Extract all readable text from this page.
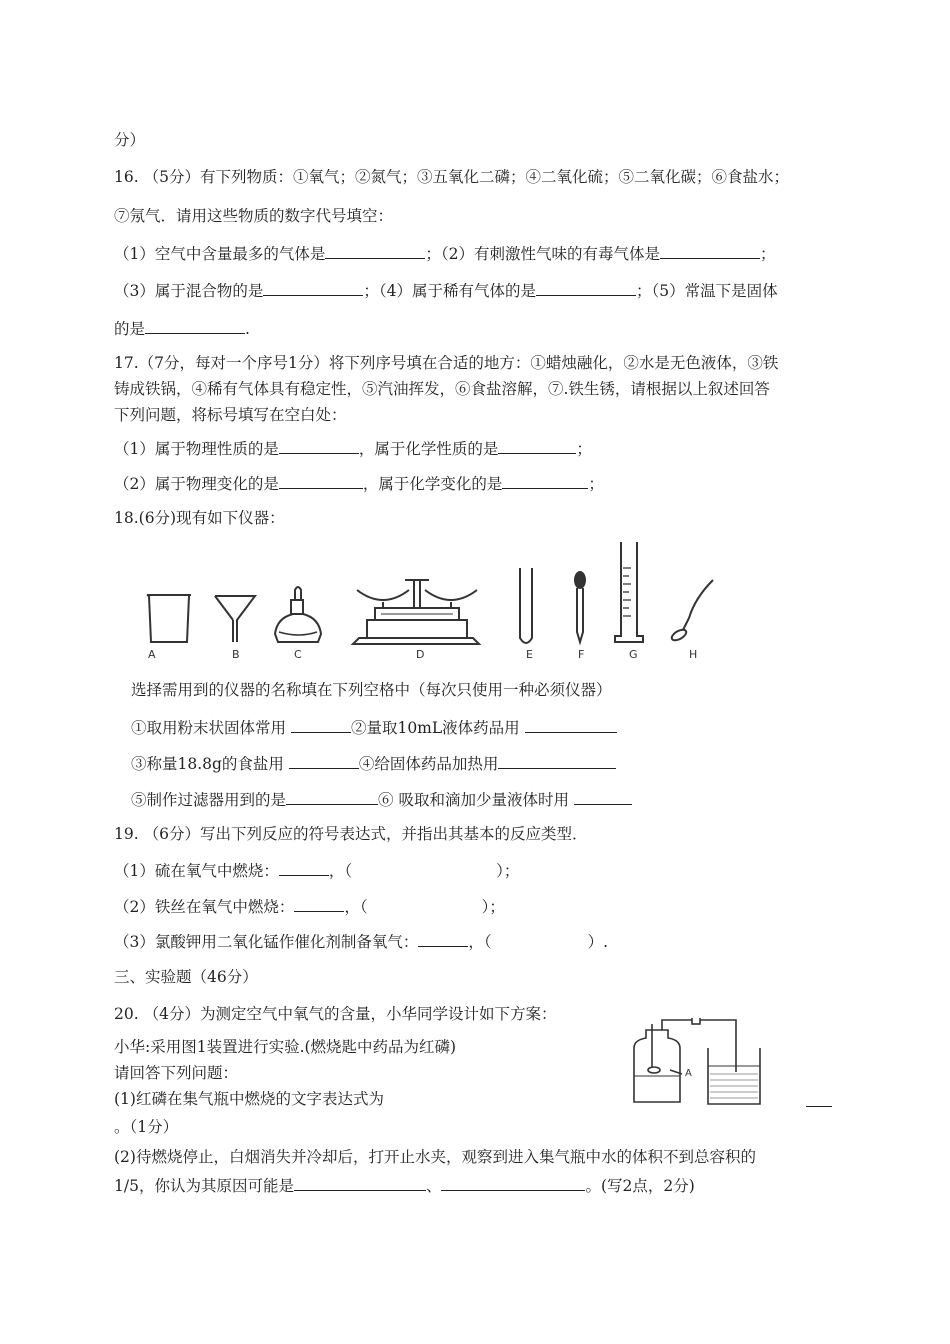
分）
16. （5分）有下列物质：①氧气；②氮气；③五氧化二磷；④二氧化硫；⑤二氧化碳；⑥食盐水；
⑦氖气．请用这些物质的数字代号填空：
（1）空气中含量最多的气体是	；（2）有刺激性气味的有毒气体是	；
（3）属于混合物的是	；（4）属于稀有气体的是	；（5）常温下是固体
的是	.
17.（7分，每对一个序号1分）将下列序号填在合适的地方：①蜡烛融化，②水是无色液体，③铁
铸成铁锅，④稀有气体具有稳定性，⑤汽油挥发，⑥食盐溶解，⑦.铁生锈，请根据以上叙述回答
下列问题，将标号填写在空白处：
（1）属于物理性质的是	，属于化学性质的是	；
（2）属于物理变化的是	，属于化学变化的是	；
18.(6分)现有如下仪器：
A	B	C	D	E	F	G	H
选择需用到的仪器的名称填在下列空格中（每次只使用一种必须仪器）
①取用粉末状固体常用	②量取10mL液体药品用
③称量18.8g的食盐用	④给固体药品加热用
⑤制作过滤器用到的是	⑥ 吸取和滴加少量液体时用
19. （6分）写出下列反应的符号表达式，并指出其基本的反应类型．
（1）硫在氧气中燃烧：	，（	）；
（2）铁丝在氧气中燃烧：	，（	）；
（3）氯酸钾用二氧化锰作催化剂制备氧气：	，（	）.
三、实验题（46分）
20. （4分）为测定空气中氧气的含量，小华同学设计如下方案：
小华:采用图1装置进行实验.(燃烧匙中药品为红磷)
请回答下列问题：
(1)红磷在集气瓶中燃烧的文字表达式为
。（1分）
(2)待燃烧停止，白烟消失并冷却后，打开止水夹，观察到进入集气瓶中水的体积不到总容积的
1/5，你认为其原因可能是	、	。(写2点，2分)
A
